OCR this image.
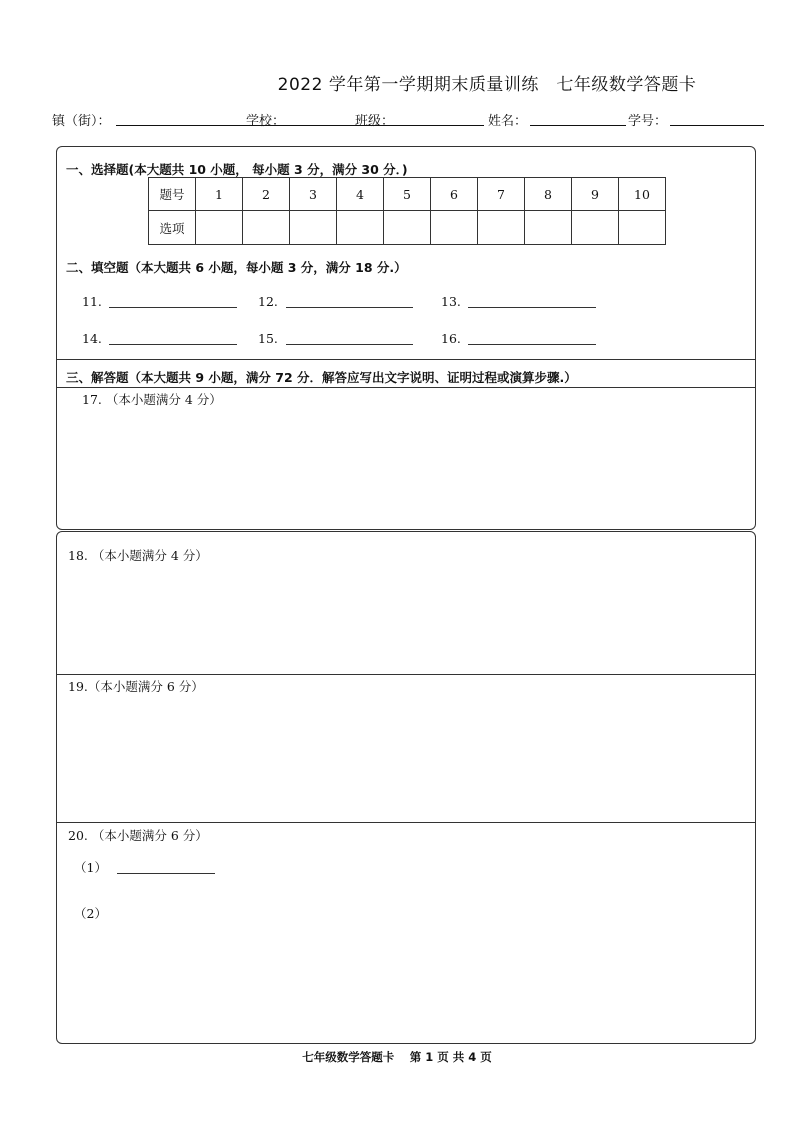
2022 学年第一学期期末质量训练　七年级数学答题卡
镇（街）：	学校：	班级：	姓名：	学号：
一、选择题(本大题共 10 小题， 每小题 3 分，满分 30 分．)
题号	1	2	3	4	5	6	7	8	9	10
选项										
二、填空题（本大题共 6 小题，每小题 3 分，满分 18 分.）
11.	12.	13.
14.	15.	16.
三、解答题（本大题共 9 小题，满分 72 分．解答应写出文字说明、证明过程或演算步骤.）
17. （本小题满分 4 分）
18. （本小题满分 4 分）
19.（本小题满分 6 分）
20. （本小题满分 6 分）
（1）
（2）
七年级数学答题卡　 第 1 页 共 4 页
